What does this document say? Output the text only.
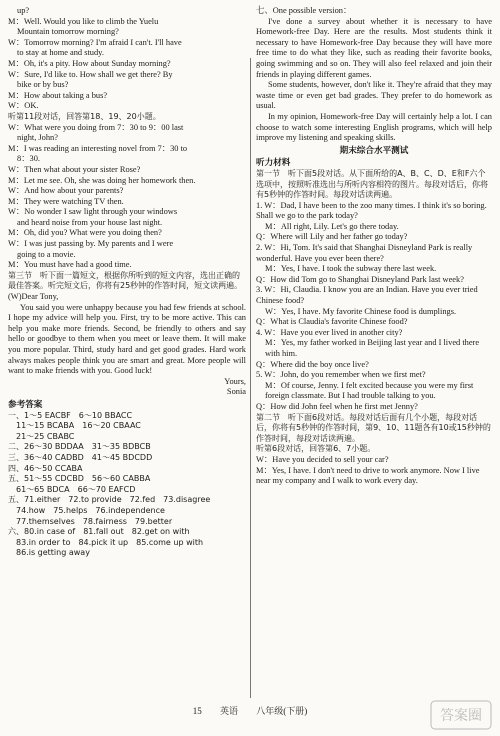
up?

M：Well. Would you like to climb the Yuelu

Mountain tomorrow morning?

W：Tomorrow morning? I'm afraid I can't. I'll have

to stay at home and study.

M：Oh, it's a pity. How about Sunday morning?

W：Sure, I'd like to. How shall we get there? By

bike or by bus?

M：How about taking a bus?

W：OK.

听第11段对话，回答第18、19、20小题。

W：What were you doing from 7：30 to 9：00 last

night, John?

M：I was reading an interesting novel from 7：30 to

8：30.

W：Then what about your sister Rose?

M：Let me see. Oh, she was doing her homework then.

W：And how about your parents?

M：They were watching TV then.

W：No wonder I saw light through your windows

and heard noise from your house last night.

M：Oh, did you? What were you doing then?

W：I was just passing by. My parents and I were

going to a movie.

M：You must have had a good time.

第三节　听下面一篇短文，根据你所听到的短文内容，选出正确的最佳答案。听完短文后，你将有25秒钟的作答时间，短文读两遍。

(W)Dear Tony,

You said you were unhappy because you had few friends at school. I hope my advice will help you. First, try to be more active. This can help you make more friends. Second, be friendly to others and say hello or goodbye to them when you meet or leave them. It will make you more popular. Third, study hard and get good grades. Hard work always makes people think you are smart and great. More people will want to make friends with you. Good luck!

Yours,

Sonia

参考答案

一、1～5 EACBF　6～10 BBACC

　11～15 BCABA　16～20 CBAAC

　21～25 CBABC

二、26～30 BDDAA　31～35 BDBCB

三、36～40 CADBD　41～45 BDCDD

四、46～50 CCABA

五、51～55 CDCBD　56～60 CABBA

　61～65 BDCA　66～70 EAFCD

五、71.either　72.to provide　72.fed　73.disagree

　74.how　75.helps　76.independence

　77.themselves　78.fairness　79.better

六、80.in case of　81.fall out　82.get on with

　83.in order to　84.pick it up　85.come up with

　86.is getting away

七、One possible version：

I've done a survey about whether it is necessary to have Homework-free Day. Here are the results. Most students think it necessary to have Homework-free Day because they will have more free time to do what they like, such as reading their favorite books, going swimming and so on. They will also feel relaxed and join their friends in playing different games.

Some students, however, don't like it. They're afraid that they may waste time or even get bad grades. They prefer to do homework as usual.

In my opinion, Homework-free Day will certainly help a lot. I can choose to watch some interesting English programs, which will help improve my listening and speaking skills.

期末综合水平测试

听力材料

第一节　听下面5段对话。从下面所给的A、B、C、D、E和F六个选项中，按照听准选出与所听内容相符的图片。每段对话后，你将有5秒钟的作答时间。每段对话读两遍。

1. W：Dad, I have been to the zoo many times. I think it's so boring. Shall we go to the park today?

M：All right, Lily. Let's go there today.

Q：Where will Lily and her father go today?

2. W：Hi, Tom. It's said that Shanghai Disneyland Park is really wonderful. Have you ever been there?

M：Yes, I have. I took the subway there last week.

Q：How did Tom go to Shanghai Disneyland Park last week?

3. W：Hi, Claudia. I know you are an Indian. Have you ever tried Chinese food?

W：Yes, I have. My favorite Chinese food is dumplings.

Q：What is Claudia's favorite Chinese food?

4. W：Have you ever lived in another city?

M：Yes, my father worked in Beijing last year and I lived there with him.

Q：Where did the boy once live?

5. W：John, do you remember when we first met?

M：Of course, Jenny. I felt excited because you were my first foreign classmate. But I had trouble talking to you.

Q：How did John feel when he first met Jenny?

第二节　听下面6段对话。每段对话后面有几个小题，每段对话后，你将有5秒钟的作答时间，第9、10、11题各有10或15秒钟的作答时间，每段对话读两遍。

听第6段对话，回答第6、7小题。

W：Have you decided to sell your car?

M：Yes, I have. I don't need to drive to work anymore. Now I live near my company and I walk to work every day.

15 英语 八年级(下册)	答案圈
